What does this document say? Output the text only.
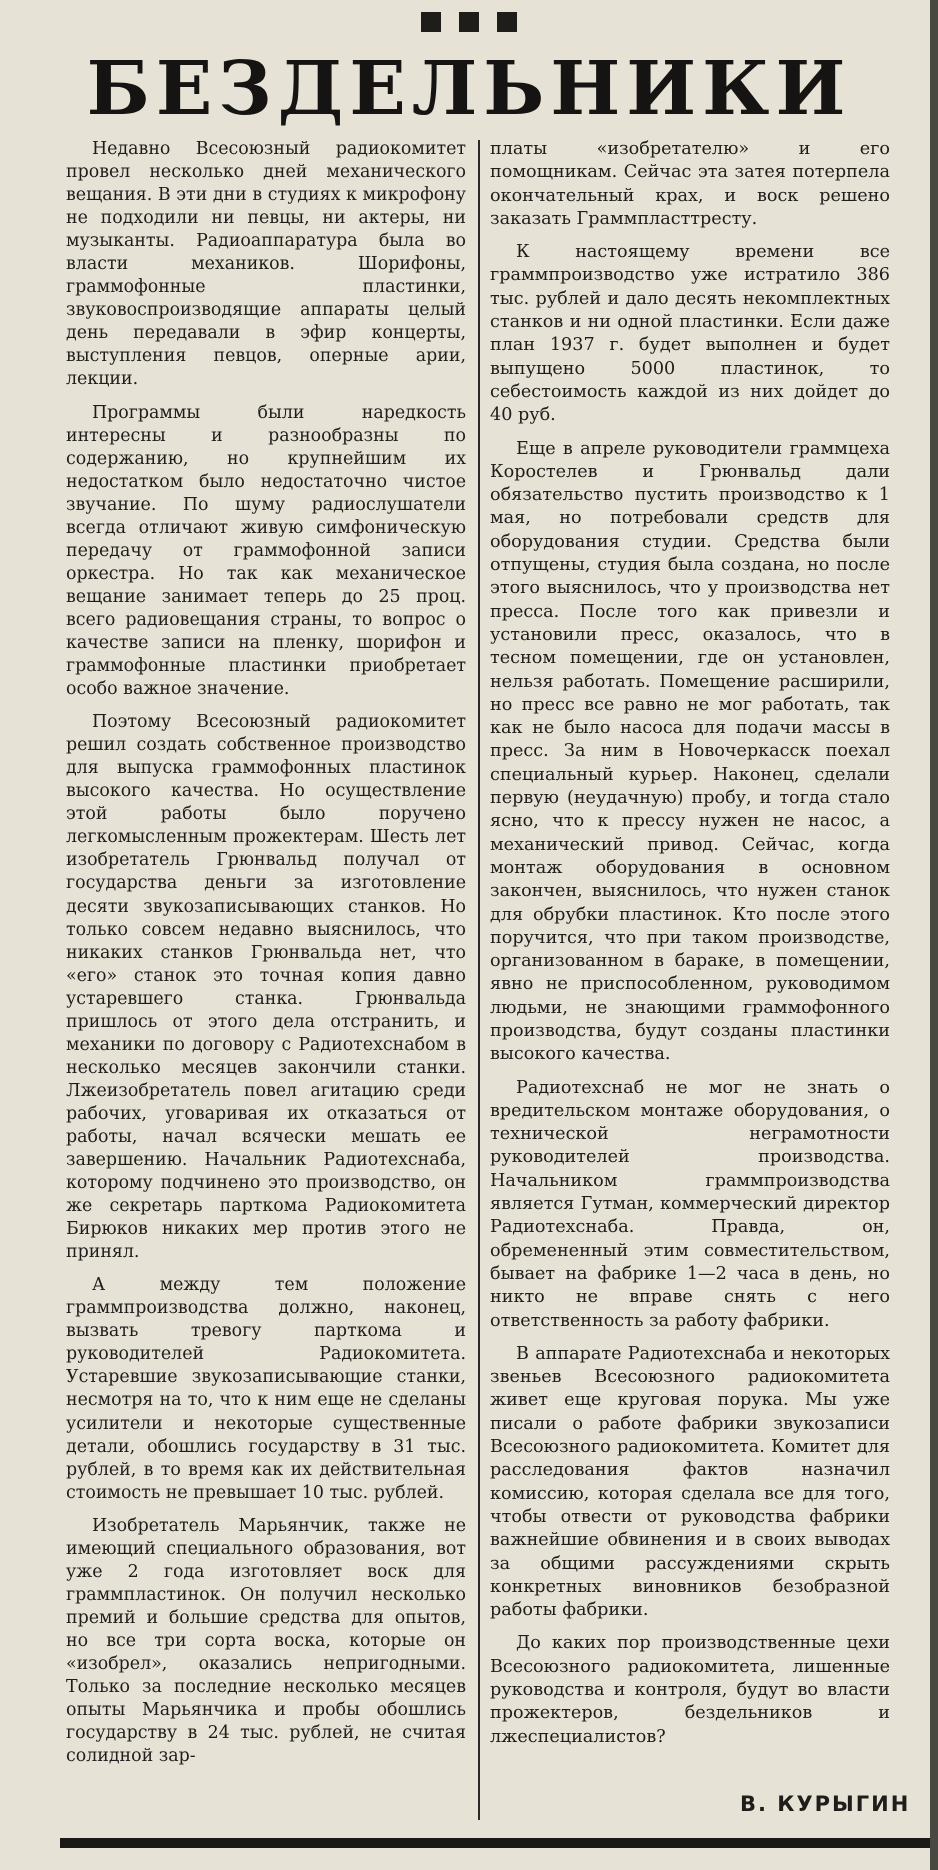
БЕЗДЕЛЬНИКИ

Недавно Всесоюзный радиокомитет провел несколько дней механического вещания. В эти дни в студиях к микрофону не подходили ни певцы, ни актеры, ни музыканты. Радиоаппаратура была во власти механиков. Шорифоны, граммофонные пластинки, звуковоспроизводящие аппараты целый день передавали в эфир концерты, выступления певцов, оперные арии, лекции.

Программы были наредкость интересны и разнообразны по содержанию, но крупнейшим их недостатком было недостаточно чистое звучание. По шуму радиослушатели всегда отличают живую симфоническую передачу от граммофонной записи оркестра. Но так как механическое вещание занимает теперь до 25 проц. всего радиовещания страны, то вопрос о качестве записи на пленку, шорифон и граммофонные пластинки приобретает особо важное значение.

Поэтому Всесоюзный радиокомитет решил создать собственное производство для выпуска граммофонных пластинок высокого качества. Но осуществление этой работы было поручено легкомысленным прожектерам. Шесть лет изобретатель Грюнвальд получал от государства деньги за изготовление десяти звукозаписывающих станков. Но только совсем недавно выяснилось, что никаких станков Грюнвальда нет, что «его» станок это точная копия давно устаревшего станка. Грюнвальда пришлось от этого дела отстранить, и механики по договору с Радиотехснабом в несколько месяцев закончили станки. Лжеизобретатель повел агитацию среди рабочих, уговаривая их отказаться от работы, начал всячески мешать ее завершению. Начальник Радиотехснаба, которому подчинено это производство, он же секретарь парткома Радиокомитета Бирюков никаких мер против этого не принял.

А между тем положение граммпроизводства должно, наконец, вызвать тревогу парткома и руководителей Радиокомитета. Устаревшие звукозаписывающие станки, несмотря на то, что к ним еще не сделаны усилители и некоторые существенные детали, обошлись государству в 31 тыс. рублей, в то время как их действительная стоимость не превышает 10 тыс. рублей.

Изобретатель Марьянчик, также не имеющий специального образования, вот уже 2 года изготовляет воск для граммпластинок. Он получил несколько премий и большие средства для опытов, но все три сорта воска, которые он «изобрел», оказались непригодными. Только за последние несколько месяцев опыты Марьянчика и пробы обошлись государству в 24 тыс. рублей, не считая солидной зар-

платы «изобретателю» и его помощникам. Сейчас эта затея потерпела окончательный крах, и воск решено заказать Граммпласттресту.

К настоящему времени все граммпроизводство уже истратило 386 тыс. рублей и дало десять некомплектных станков и ни одной пластинки. Если даже план 1937 г. будет выполнен и будет выпущено 5000 пластинок, то себестоимость каждой из них дойдет до 40 руб.

Еще в апреле руководители граммцеха Коростелев и Грюнвальд дали обязательство пустить производство к 1 мая, но потребовали средств для оборудования студии. Средства были отпущены, студия была создана, но после этого выяснилось, что у производства нет пресса. После того как привезли и установили пресс, оказалось, что в тесном помещении, где он установлен, нельзя работать. Помещение расширили, но пресс все равно не мог работать, так как не было насоса для подачи массы в пресс. За ним в Новочеркасск поехал специальный курьер. Наконец, сделали первую (неудачную) пробу, и тогда стало ясно, что к прессу нужен не насос, а механический привод. Сейчас, когда монтаж оборудования в основном закончен, выяснилось, что нужен станок для обрубки пластинок. Кто после этого поручится, что при таком производстве, организованном в бараке, в помещении, явно не приспособленном, руководимом людьми, не знающими граммофонного производства, будут созданы пластинки высокого качества.

Радиотехснаб не мог не знать о вредительском монтаже оборудования, о технической неграмотности руководителей производства. Начальником граммпроизводства является Гутман, коммерческий директор Радиотехснаба. Правда, он, обремененный этим совместительством, бывает на фабрике 1—2 часа в день, но никто не вправе снять с него ответственность за работу фабрики.

В аппарате Радиотехснаба и некоторых звеньев Всесоюзного радиокомитета живет еще круговая порука. Мы уже писали о работе фабрики звукозаписи Всесоюзного радиокомитета. Комитет для расследования фактов назначил комиссию, которая сделала все для того, чтобы отвести от руководства фабрики важнейшие обвинения и в своих выводах за общими рассуждениями скрыть конкретных виновников безобразной работы фабрики.

До каких пор производственные цехи Всесоюзного радиокомитета, лишенные руководства и контроля, будут во власти прожектеров, бездельников и лжеспециалистов?

В. КУРЫГИН
